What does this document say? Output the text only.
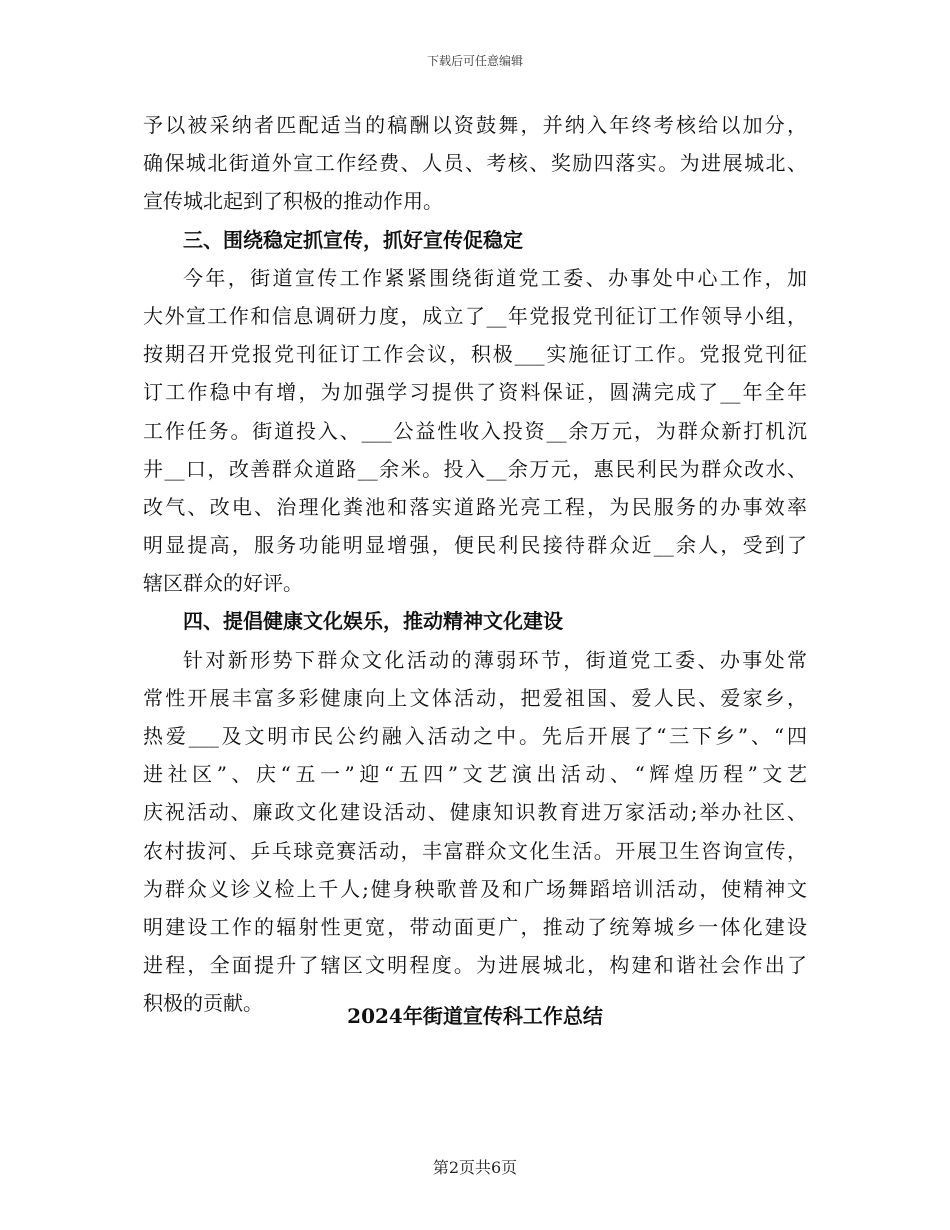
下载后可任意编辑
予以被采纳者匹配适当的稿酬以资鼓舞，并纳入年终考核给以加分，
确保城北街道外宣工作经费、人员、考核、奖励四落实。为进展城北、
宣传城北起到了积极的推动作用。
三、围绕稳定抓宣传，抓好宣传促稳定
今年，街道宣传工作紧紧围绕街道党工委、办事处中心工作，加
大外宣工作和信息调研力度，成立了__年党报党刊征订工作领导小组，
按期召开党报党刊征订工作会议，积极___实施征订工作。党报党刊征
订工作稳中有增，为加强学习提供了资料保证，圆满完成了__年全年
工作任务。街道投入、___公益性收入投资__余万元，为群众新打机沉
井__口，改善群众道路__余米。投入__余万元，惠民利民为群众改水、
改气、改电、治理化粪池和落实道路光亮工程，为民服务的办事效率
明显提高，服务功能明显增强，便民利民接待群众近__余人，受到了
辖区群众的好评。
四、提倡健康文化娱乐，推动精神文化建设
针对新形势下群众文化活动的薄弱环节，街道党工委、办事处常
常性开展丰富多彩健康向上文体活动，把爱祖国、爱人民、爱家乡，
热爱___及文明市民公约融入活动之中。先后开展了“三下乡”、“四
进社区”、庆“五一”迎“五四”文艺演出活动、“辉煌历程”文艺
庆祝活动、廉政文化建设活动、健康知识教育进万家活动;举办社区、
农村拔河、乒乓球竞赛活动，丰富群众文化生活。开展卫生咨询宣传，
为群众义诊义检上千人;健身秧歌普及和广场舞蹈培训活动，使精神文
明建设工作的辐射性更宽，带动面更广，推动了统筹城乡一体化建设
进程，全面提升了辖区文明程度。为进展城北，构建和谐社会作出了
积极的贡献。
2024年街道宣传科工作总结
第2页共6页
